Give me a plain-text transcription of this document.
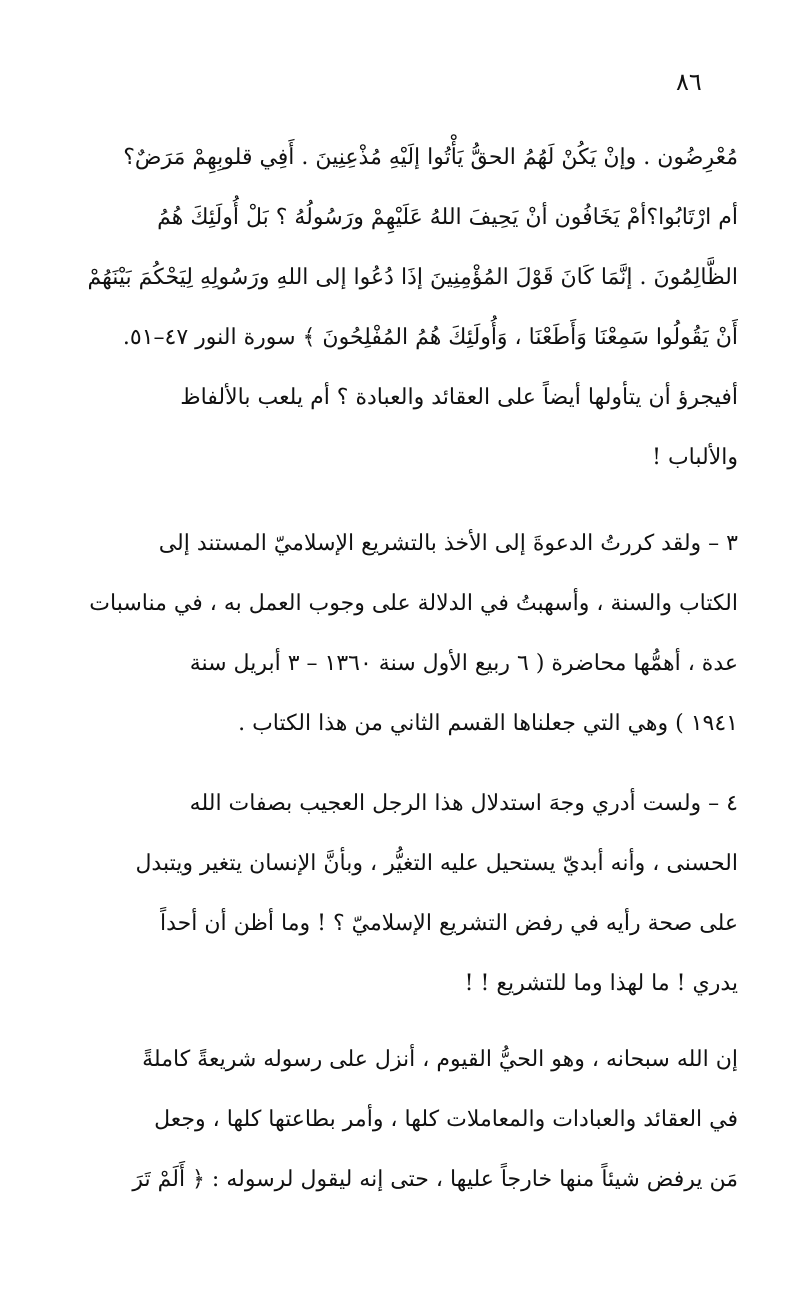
٨٦
مُعْرِضُون . وإنْ يَكُنْ لَهُمُ الحقُّ يَأْتُوا إلَيْهِ مُذْعِنِينَ . أَفِي قلوبِهِمْ مَرَضٌ؟
أم ارْتَابُوا؟أمْ يَخَافُون أنْ يَحِيفَ اللهُ عَلَيْهِمْ ورَسُولُهُ ؟ بَلْ أُولَئِكَ هُمُ
الظَّالِمُونَ . إنَّمَا كَانَ قَوْلَ المُؤْمِنِينَ إذَا دُعُوا إلى اللهِ ورَسُولِهِ لِيَحْكُمَ بَيْنَهُمْ
أَنْ يَقُولُوا سَمِعْنَا وَأَطَعْنَا ، وَأُولَئِكَ هُمُ المُفْلِحُونَ ﴾ سورة النور ٤٧–٥١.
أفيجرؤ أن يتأولها أيضاً على العقائد والعبادة ؟ أم يلعب بالألفاظ
والألباب !
٣ – ولقد كررتُ الدعوةَ إلى الأخذ بالتشريع الإسلاميّ المستند إلى
الكتاب والسنة ، وأسهبتُ في الدلالة على وجوب العمل به ، في مناسبات
عدة ، أهمُّها محاضرة ( ٦ ربيع الأول سنة ١٣٦٠ – ٣ أبريل سنة
١٩٤١ ) وهي التي جعلناها القسم الثاني من هذا الكتاب .
٤ – ولست أدري وجهَ استدلال هذا الرجل العجيب بصفات الله
الحسنى ، وأنه أبديّ يستحيل عليه التغيُّر ، وبأنَّ الإنسان يتغير ويتبدل
على صحة رأيه في رفض التشريع الإسلاميّ ؟ ! وما أظن أن أحداً
يدري ! ما لهذا وما للتشريع ! !
إن الله سبحانه ، وهو الحيُّ القيوم ، أنزل على رسوله شريعةً كاملةً
في العقائد والعبادات والمعاملات كلها ، وأمر بطاعتها كلها ، وجعل
مَن يرفض شيئاً منها خارجاً عليها ، حتى إنه ليقول لرسوله : ﴿ أَلَمْ تَرَ
